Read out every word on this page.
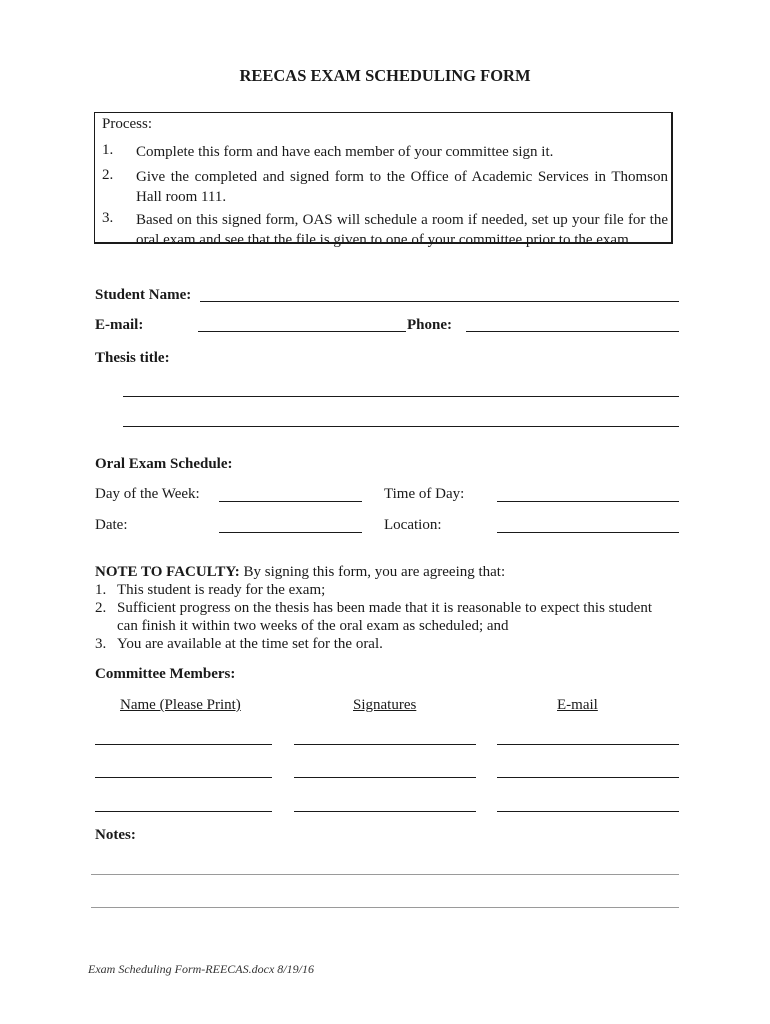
REECAS EXAM SCHEDULING FORM
Process:
1. Complete this form and have each member of your committee sign it.
2. Give the completed and signed form to the Office of Academic Services in Thomson Hall room 111.
3. Based on this signed form, OAS will schedule a room if needed, set up your file for the oral exam and see that the file is given to one of your committee prior to the exam.
Student Name:
E-mail:	Phone:
Thesis title:
Oral Exam Schedule:
Day of the Week:	Time of Day:
Date:	Location:
NOTE TO FACULTY: By signing this form, you are agreeing that:
1. This student is ready for the exam;
2. Sufficient progress on the thesis has been made that it is reasonable to expect this student can finish it within two weeks of the oral exam as scheduled; and
3. You are available at the time set for the oral.
Committee Members:
Name (Please Print)	Signatures	E-mail
Notes:
Exam Scheduling Form-REECAS.docx 8/19/16
